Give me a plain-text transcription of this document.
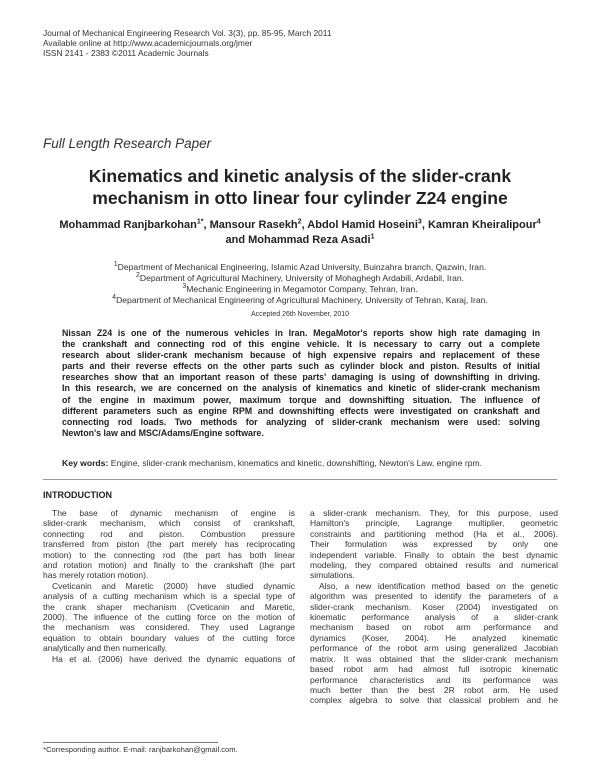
Journal of Mechanical Engineering Research Vol. 3(3), pp. 85-95, March 2011
Available online at http://www.academicjournals.org/jmer
ISSN 2141 - 2383 ©2011 Academic Journals
Full Length Research Paper
Kinematics and kinetic analysis of the slider-crank
mechanism in otto linear four cylinder Z24 engine
Mohammad Ranjbarkohan$^{1*}$, Mansour Rasekh$^2$, Abdol Hamid Hoseini$^3$, Kamran Kheiralipour$^4$
and Mohammad Reza Asadi$^1$
$^1$Department of Mechanical Engineering, Islamic Azad University, Buinzahra branch, Qazwin, Iran.
$^2$Department of Agricultural Machinery, University of Mohaghegh Ardabili, Ardabil, Iran.
$^3$Mechanic Engineering in Megamotor Company, Tehran, Iran.
$^4$Department of Mechanical Engineering of Agricultural Machinery, University of Tehran, Karaj, Iran.
Accepted 26th November, 2010
Nissan Z24 is one of the numerous vehicles in Iran. MegaMotor's reports show high rate damaging in
the crankshaft and connecting rod of this engine vehicle. It is necessary to carry out a complete
research about slider-crank mechanism because of high expensive repairs and replacement of these
parts and their reverse effects on the other parts such as cylinder block and piston. Results of initial
researches show that an important reason of these parts' damaging is using of downshifting in driving.
In this research, we are concerned on the analysis of kinematics and kinetic of slider-crank mechanism
of the engine in maximum power, maximum torque and downshifting situation. The influence of
different parameters such as engine RPM and downshifting effects were investigated on crankshaft and
connecting rod loads. Two methods for analyzing of slider-crank mechanism were used: solving
Newton's law and MSC/Adams/Engine software.
Key words: Engine, slider-crank mechanism, kinematics and kinetic, downshifting, Newton's Law, engine rpm.
INTRODUCTION
The base of dynamic mechanism of engine is
slider-crank mechanism, which consist of crankshaft,
connecting rod and piston. Combustion pressure
transferred from piston (the part merely has reciprocating
motion) to the connecting rod (the part has both linear
and rotation motion) and finally to the crankshaft (the part
has merely rotation motion).
Cveticanin and Maretic (2000) have studied dynamic
analysis of a cutting mechanism which is a special type of
the crank shaper mechanism (Cveticanin and Maretic,
2000). The influence of the cutting force on the motion of
the mechanism was considered. They used Lagrange
equation to obtain boundary values of the cutting force
analytically and then numerically.
Ha et al. (2006) have derived the dynamic equations of
a slider-crank mechanism. They, for this purpose, used
Hamilton's principle, Lagrange multiplier, geometric
constraints and partitioning method (Ha et al., 2006).
Their formulation was expressed by only one
independent variable. Finally to obtain the best dynamic
modeling, they compared obtained results and numerical
simulations.
Also, a new identification method based on the genetic
algorithm was presented to identify the parameters of a
slider-crank mechanism. Koser (2004) investigated on
kinematic performance analysis of a slider-crank
mechanism based on robot arm performance and
dynamics (Koser, 2004). He analyzed kinematic
performance of the robot arm using generalized Jacobian
matrix. It was obtained that the slider-crank mechanism
based robot arm had almost full isotropic kinematic
performance characteristics and its performance was
much better than the best 2R robot arm. He used
complex algebra to solve that classical problem and he
*Corresponding author. E-mail: ranjbarkohan@gmail.com.
